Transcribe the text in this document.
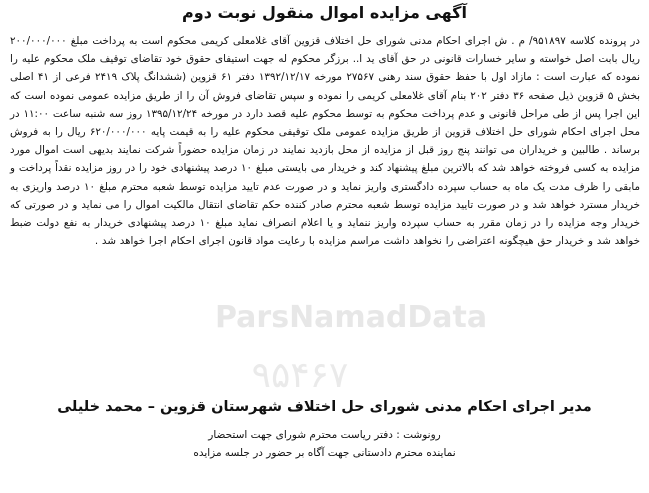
آگهی مزایده اموال منقول نوبت دوم
در پرونده کلاسه ۹۵۱۸۹۷/ م . ش اجرای احکام مدنی شورای حل اختلاف قزوین آقای غلامعلی کریمی محکوم است به پرداخت مبلغ ۲۰۰/۰۰۰/۰۰۰ ریال بابت اصل خواسته و سایر خسارات قانونی در حق آقای ید ا.. برزگر محکوم له جهت استیفای حقوق خود تقاضای توقیف ملک محکوم علیه را نموده که عبارت است : مازاد اول با حفظ حقوق سند رهنی ۲۷۵۶۷ مورخه ۱۳۹۲/۱۲/۱۷ دفتر ۶۱ قزوین (ششدانگ پلاک ۲۴۱۹ فرعی از ۴۱ اصلی بخش ۵ قزوین ذیل صفحه ۳۶ دفتر ۲۰۲ بنام آقای غلامعلی کریمی را نموده و سپس تقاضای فروش آن را از طریق مزایده عمومی نموده است که این اجرا پس از طی مراحل قانونی و عدم پرداخت محکوم به توسط محکوم علیه قصد دارد در مورخه ۱۳۹۵/۱۲/۲۴ روز سه شنبه ساعت ۱۱:۰۰ در محل اجرای احکام شورای حل اختلاف قزوین از طریق مزایده عمومی ملک توقیفی محکوم علیه را به قیمت پایه ۶۲۰/۰۰۰/۰۰۰ ریال را به فروش برساند . طالبین و خریداران می توانند پنج روز قبل از مزایده از محل بازدید نمایند در زمان مزایده حضوراً شرکت نمایند بدیهی است اموال مورد مزایده به کسی فروخته خواهد شد که بالاترین مبلغ پیشنهاد کند و خریدار می بایستی مبلغ ۱۰ درصد پیشنهادی خود را در روز مزایده نقداً پرداخت و مابقی را ظرف مدت یک ماه به حساب سپرده دادگستری واریز نماید و در صورت عدم تایید مزایده توسط شعبه محترم مبلغ ۱۰ درصد واریزی به خریدار مسترد خواهد شد و در صورت تایید مزایده توسط شعبه محترم صادر کننده حکم تقاضای انتقال مالکیت اموال را می نماید و در صورتی که خریدار وجه مزایده را در زمان مقرر به حساب سپرده واریز ننماید و یا اعلام انصراف نماید مبلغ ۱۰ درصد پیشنهادی خریدار به نفع دولت ضبط خواهد شد و خریدار حق هیچگونه اعتراضی را نخواهد داشت مراسم مزایده با رعایت مواد قانون اجرای احکام اجرا خواهد شد .
ParsNamadData
۹۵۴۶۷
مدیر اجرای احکام مدنی شورای حل اختلاف شهرستان قزوین – محمد خلیلی
رونوشت : دفتر ریاست محترم شورای جهت استحضار
نماینده محترم دادستانی جهت آگاه بر حضور در جلسه مزایده
